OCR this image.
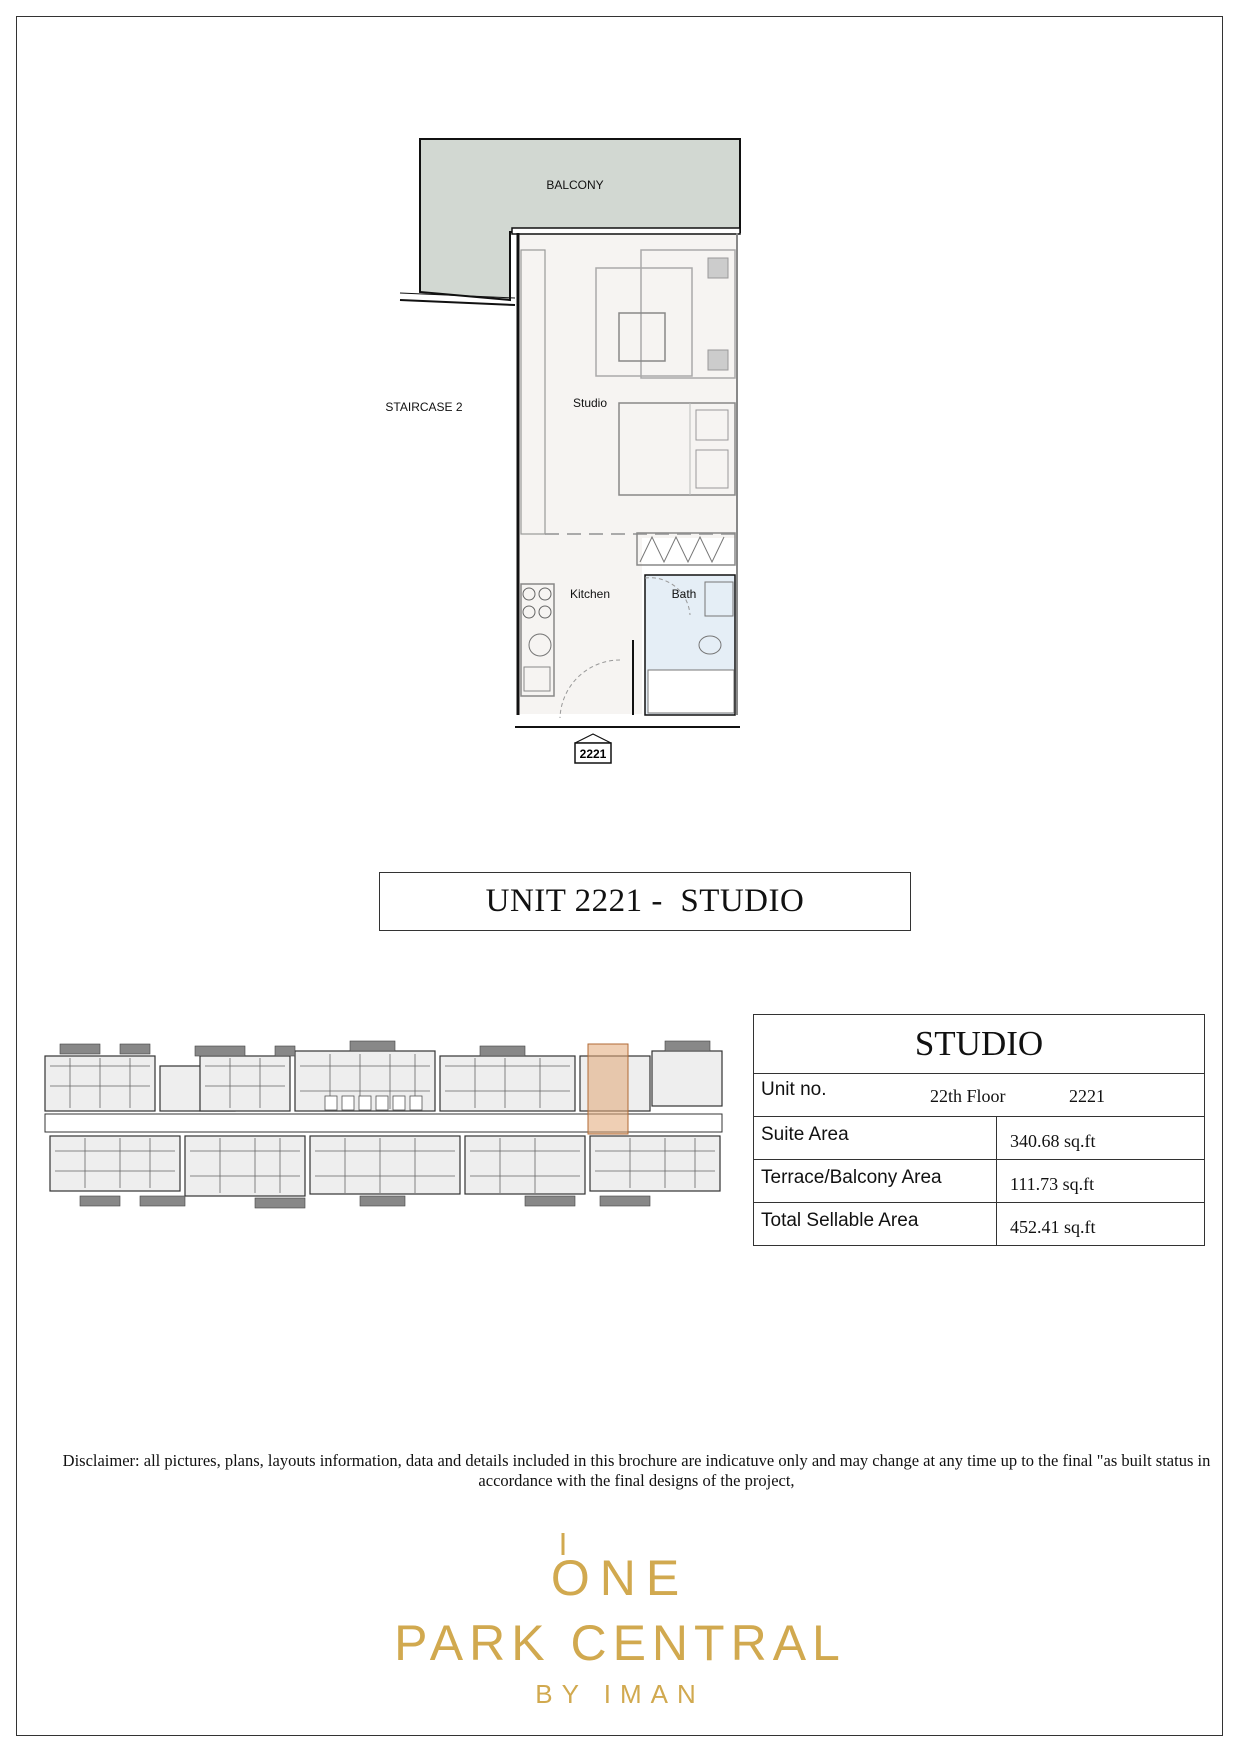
2221
BALCONY
STAIRCASE 2	Studio
Kitchen	Bath
UNIT 2221 -  STUDIO
STUDIO	
Unit no. 22th Floor 2221	

Suite Area	340.68 sq.ft
Terrace/Balcony Area	111.73 sq.ft
Total Sellable Area	452.41 sq.ft
Disclaimer: all pictures, plans, layouts information, data and details included in this brochure are indicatuve only and may change at any time up to the final "as built status in accordance with the final designs of the project,
ONE
PARK CENTRAL
BY IMAN
